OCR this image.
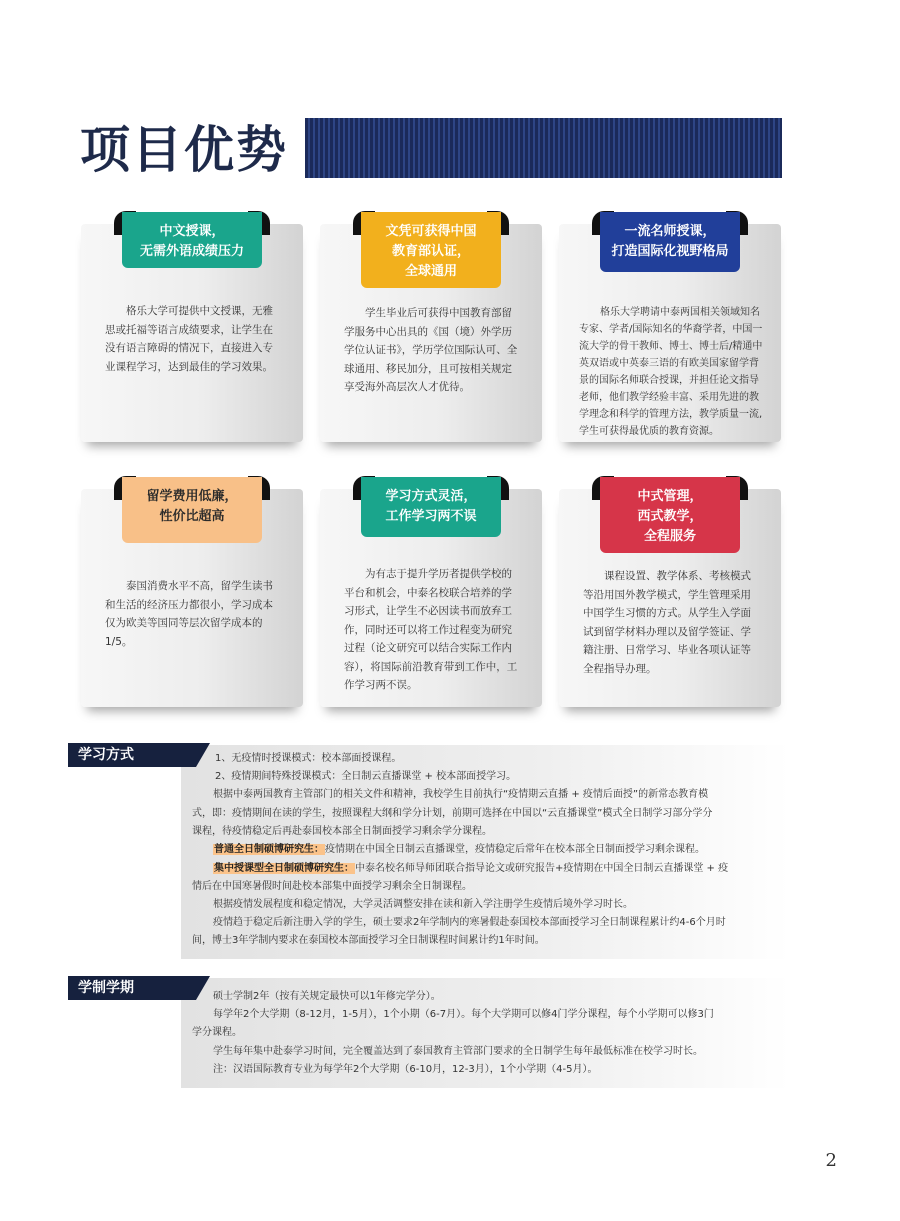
项目优势
中文授课，
无需外语成绩压力

格乐大学可提供中文授课，无雅思或托福等语言成绩要求，让学生在没有语言障碍的情况下，直接进入专业课程学习，达到最佳的学习效果。

文凭可获得中国
教育部认证，
全球通用

学生毕业后可获得中国教育部留学服务中心出具的《国（境）外学历学位认证书》，学历学位国际认可、全球通用、移民加分，且可按相关规定享受海外高层次人才优待。

一流名师授课，
打造国际化视野格局

格乐大学聘请中泰两国相关领域知名专家、学者/国际知名的华裔学者，中国一流大学的骨干教师、博士、博士后/精通中英双语或中英泰三语的有欧美国家留学背景的国际名师联合授课，并担任论文指导老师，他们教学经验丰富、采用先进的教学理念和科学的管理方法，教学质量一流,学生可获得最优质的教育资源。

留学费用低廉，
性价比超高

泰国消费水平不高，留学生读书和生活的经济压力都很小，学习成本仅为欧美等国同等层次留学成本的1/5。

学习方式灵活，
工作学习两不误

为有志于提升学历者提供学校的平台和机会，中泰名校联合培养的学习形式，让学生不必因读书而放弃工作，同时还可以将工作过程变为研究过程（论文研究可以结合实际工作内容），将国际前沿教育带到工作中，工作学习两不误。

中式管理，
西式教学，
全程服务

课程设置、教学体系、考核模式等沿用国外教学模式，学生管理采用中国学生习惯的方式。从学生入学面试到留学材料办理以及留学签证、学籍注册、日常学习、毕业各项认证等全程指导办理。

学习方式	1、无疫情时授课模式：校本部面授课程。

2、疫情期间特殊授课模式：全日制云直播课堂 + 校本部面授学习。

根据中泰两国教育主管部门的相关文件和精神，我校学生目前执行“疫情期云直播 + 疫情后面授”的新常态教育模

式，即：疫情期间在读的学生，按照课程大纲和学分计划，前期可选择在中国以“云直播课堂”模式全日制学习部分学分

课程，待疫情稳定后再赴泰国校本部全日制面授学习剩余学分课程。

普通全日制硕博研究生：疫情期在中国全日制云直播课堂，疫情稳定后常年在校本部全日制面授学习剩余课程。

集中授课型全日制硕博研究生：中泰名校名师导师团联合指导论文或研究报告+疫情期在中国全日制云直播课堂 + 疫

情后在中国寒暑假时间赴校本部集中面授学习剩余全日制课程。

根据疫情发展程度和稳定情况，大学灵活调整安排在读和新入学注册学生疫情后境外学习时长。

疫情趋于稳定后新注册入学的学生，硕士要求2年学制内的寒暑假赴泰国校本部面授学习全日制课程累计约4-6个月时

间，博士3年学制内要求在泰国校本部面授学习全日制课程时间累计约1年时间。

学制学期

硕士学制2年（按有关规定最快可以1年修完学分）。

每学年2个大学期（8-12月，1-5月），1个小期（6-7月）。每个大学期可以修4门学分课程，每个小学期可以修3门

学分课程。

学生每年集中赴泰学习时间，完全覆盖达到了泰国教育主管部门要求的全日制学生每年最低标准在校学习时长。

注：汉语国际教育专业为每学年2个大学期（6-10月，12-3月），1个小学期（4-5月）。

2
